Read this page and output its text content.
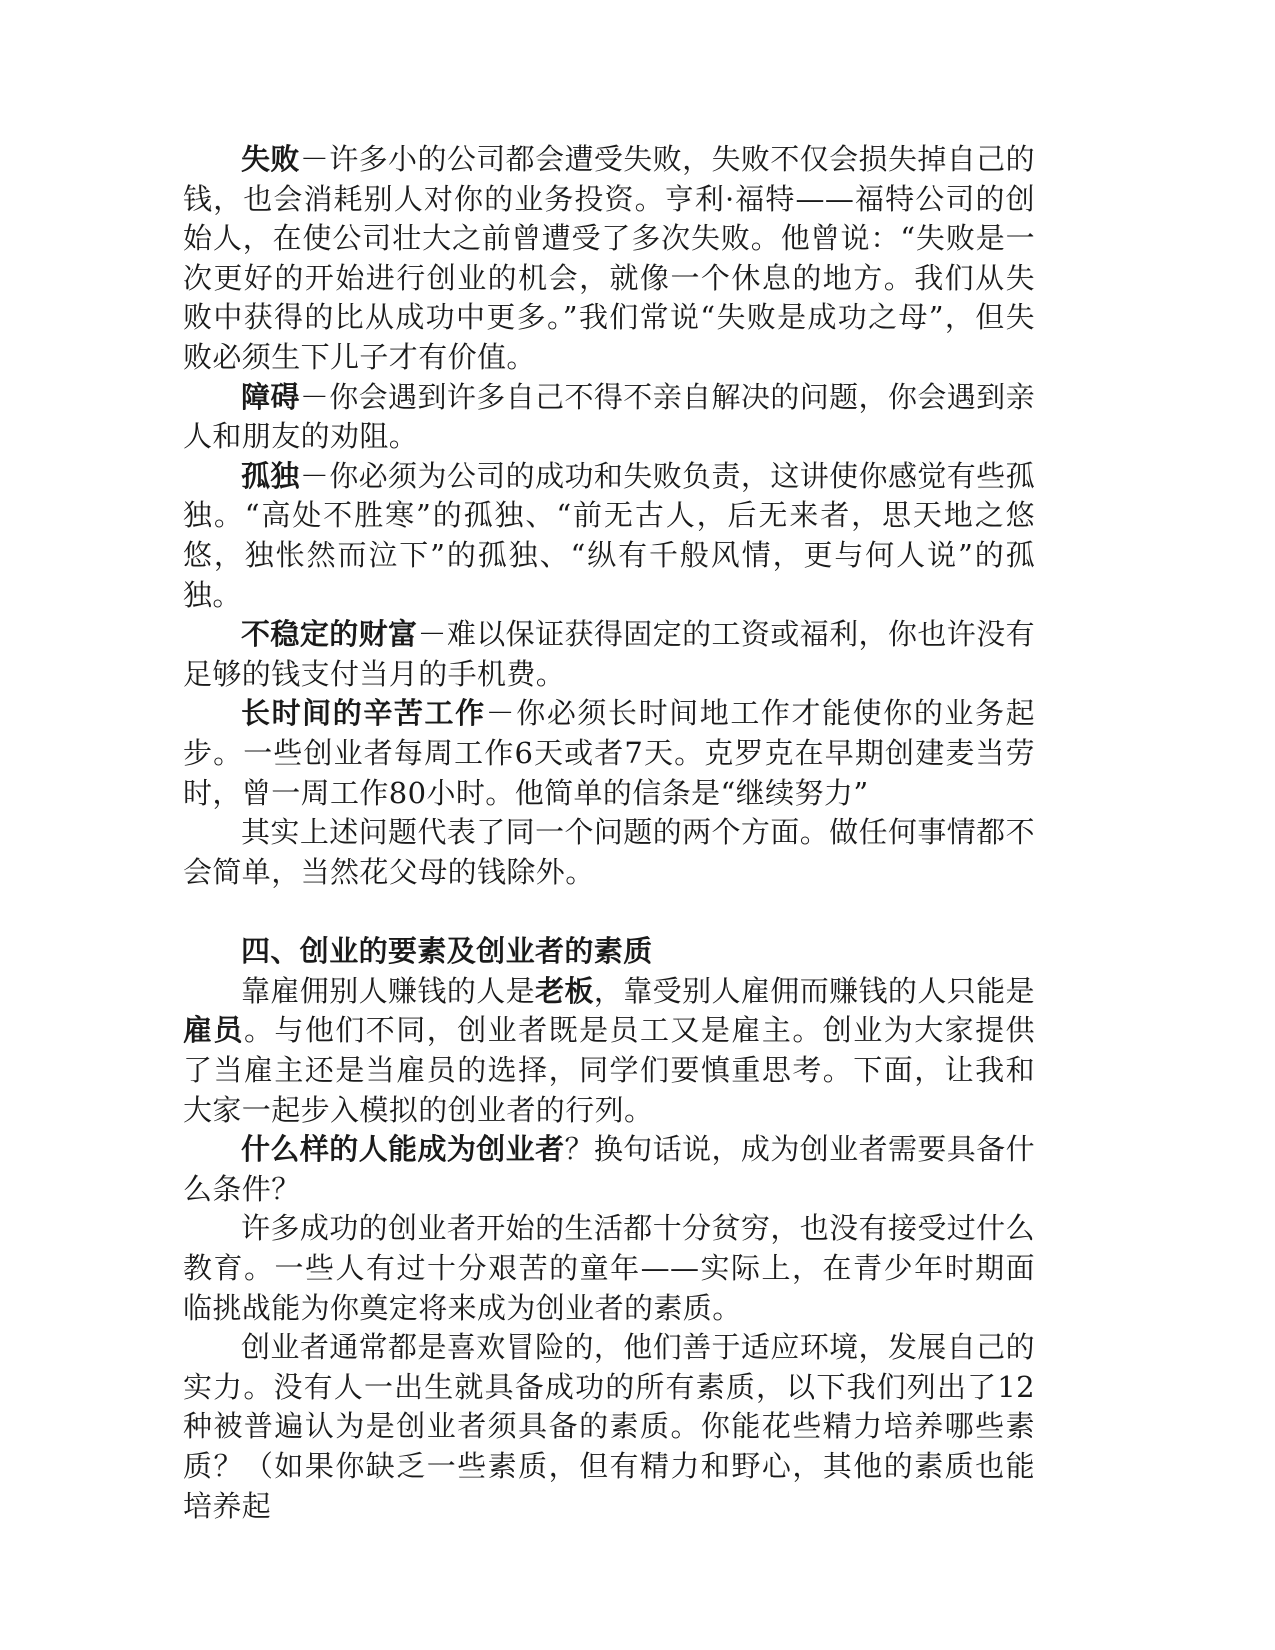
失败－许多小的公司都会遭受失败，失败不仅会损失掉自己的钱，也会消耗别人对你的业务投资。亨利·福特——福特公司的创始人，在使公司壮大之前曾遭受了多次失败。他曾说：“失败是一次更好的开始进行创业的机会，就像一个休息的地方。我们从失败中获得的比从成功中更多。”我们常说“失败是成功之母”，但失败必须生下儿子才有价值。

障碍－你会遇到许多自己不得不亲自解决的问题，你会遇到亲人和朋友的劝阻。

孤独－你必须为公司的成功和失败负责，这讲使你感觉有些孤独。“高处不胜寒”的孤独、“前无古人，后无来者，思天地之悠悠，独怅然而泣下”的孤独、“纵有千般风情，更与何人说”的孤独。

不稳定的财富－难以保证获得固定的工资或福利，你也许没有足够的钱支付当月的手机费。

长时间的辛苦工作－你必须长时间地工作才能使你的业务起步。一些创业者每周工作6天或者7天。克罗克在早期创建麦当劳时，曾一周工作80小时。他简单的信条是“继续努力”

其实上述问题代表了同一个问题的两个方面。做任何事情都不会简单，当然花父母的钱除外。

四、创业的要素及创业者的素质

靠雇佣别人赚钱的人是老板，靠受别人雇佣而赚钱的人只能是雇员。与他们不同，创业者既是员工又是雇主。创业为大家提供了当雇主还是当雇员的选择，同学们要慎重思考。下面，让我和大家一起步入模拟的创业者的行列。

什么样的人能成为创业者？换句话说，成为创业者需要具备什么条件？

许多成功的创业者开始的生活都十分贫穷，也没有接受过什么教育。一些人有过十分艰苦的童年——实际上，在青少年时期面临挑战能为你奠定将来成为创业者的素质。

创业者通常都是喜欢冒险的，他们善于适应环境，发展自己的实力。没有人一出生就具备成功的所有素质，以下我们列出了12种被普遍认为是创业者须具备的素质。你能花些精力培养哪些素质？（如果你缺乏一些素质，但有精力和野心，其他的素质也能培养起
